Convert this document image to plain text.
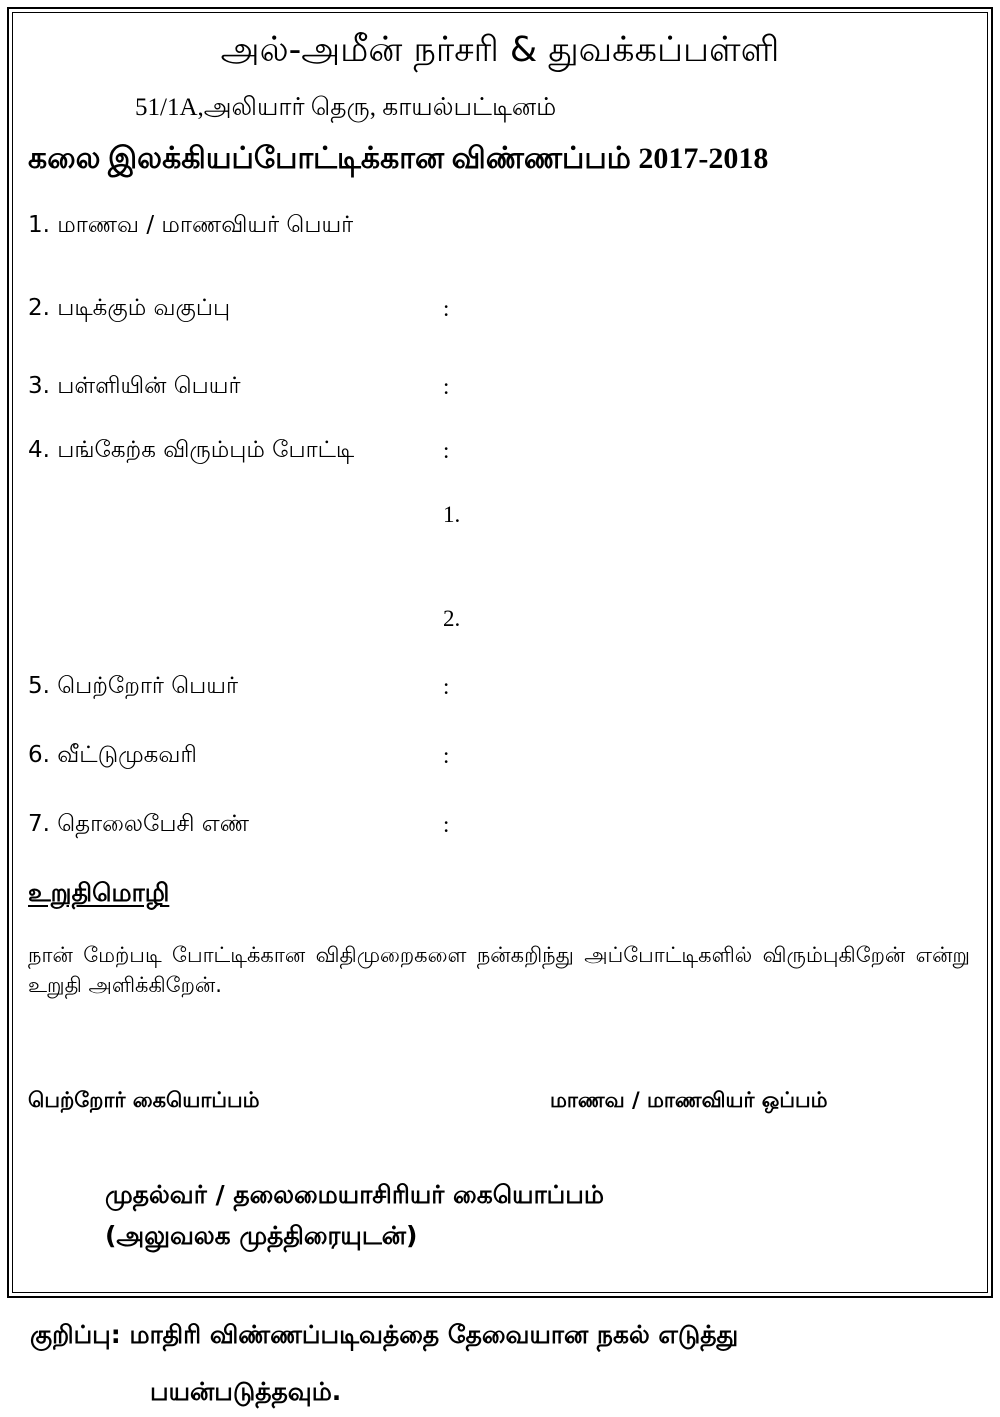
அல்-அமீன் நர்சரி & துவக்கப்பள்ளி
51/1A,அலியார் தெரு, காயல்பட்டினம்
கலை இலக்கியப்போட்டிக்கான விண்ணப்பம் 2017-2018
1. மாணவ / மாணவியர் பெயர்
2. படிக்கும் வகுப்பு	:
3. பள்ளியின் பெயர்	:
4. பங்கேற்க விரும்பும் போட்டி	:
1.
2.
5. பெற்றோர் பெயர்	:
6. வீட்டுமுகவரி	:
7. தொலைபேசி எண்	:
உறுதிமொழி
நான் மேற்படி போட்டிக்கான விதிமுறைகளை நன்கறிந்து அப்போட்டிகளில் விரும்புகிறேன் என்று உறுதி அளிக்கிறேன்.
பெற்றோர் கையொப்பம்	மாணவ / மாணவியர் ஒப்பம்
முதல்வர் / தலைமையாசிரியர் கையொப்பம்
(அலுவலக முத்திரையுடன்)
குறிப்பு: மாதிரி விண்ணப்படிவத்தை தேவையான நகல் எடுத்து
பயன்படுத்தவும்.
